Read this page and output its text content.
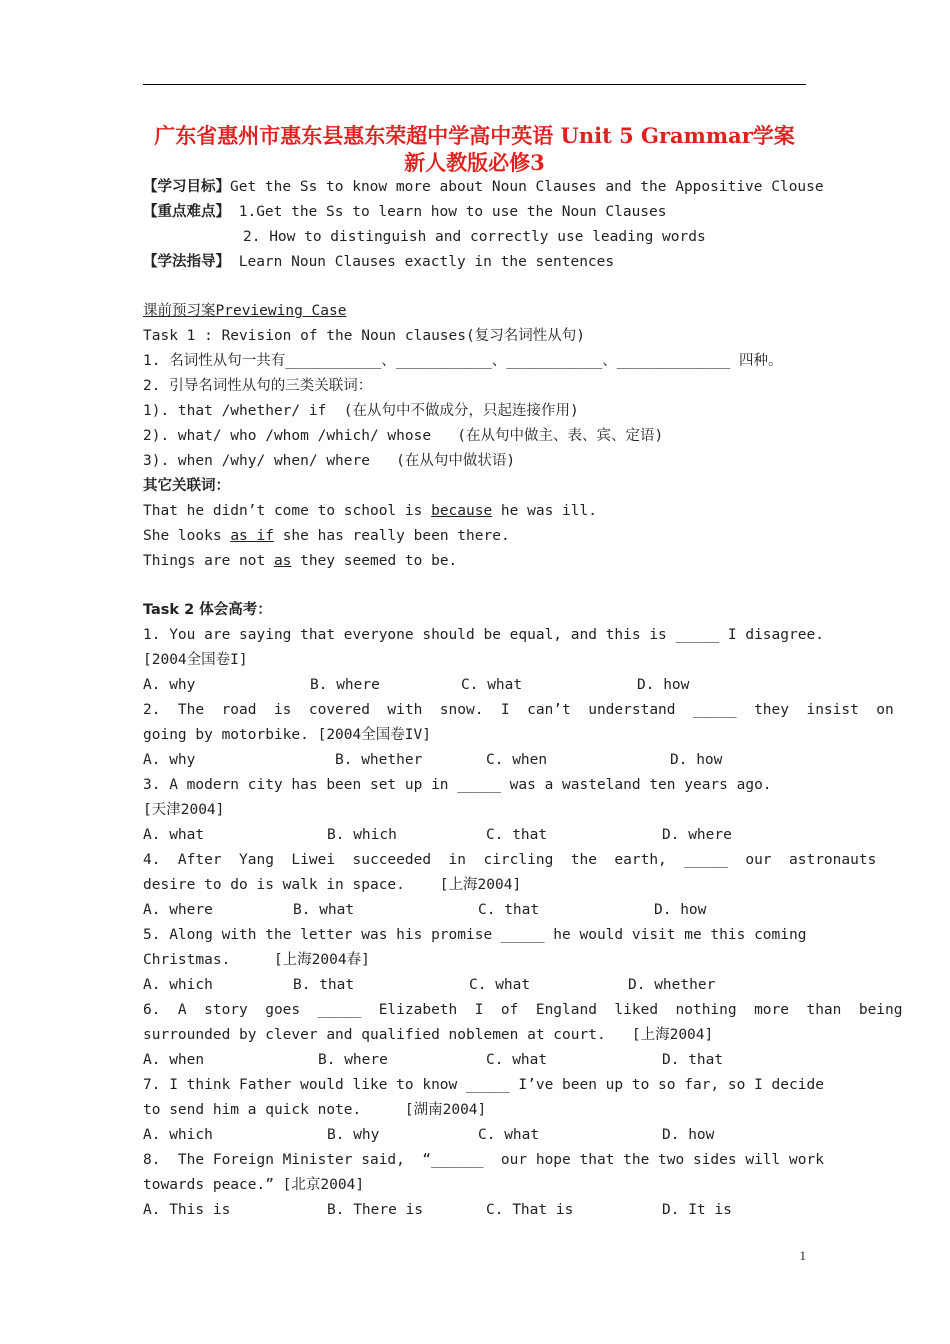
广东省惠州市惠东县惠东荣超中学高中英语 Unit 5 Grammar学案
新人教版必修3
【学习目标】Get the Ss to know more about Noun Clauses and the Appositive Clouse
【重点难点】 1.Get the Ss to learn how to use the Noun Clauses
2. How to distinguish and correctly use leading words
【学法指导】 Learn Noun Clauses exactly in the sentences
课前预习案Previewing Case
Task 1 : Revision of the Noun clauses(复习名词性从句)
1. 名词性从句一共有___________、___________、___________、_____________ 四种。
2. 引导名词性从句的三类关联词：
1). that /whether/ if  (在从句中不做成分，只起连接作用)
2). what/ who /whom /which/ whose   (在从句中做主、表、宾、定语)
3). when /why/ when/ where   (在从句中做状语)
其它关联词：
That he didn’t come to school is because he was ill.
She looks as if she has really been there.
Things are not as they seemed to be.
Task 2 体会高考：
1. You are saying that everyone should be equal, and this is _____ I disagree.
[2004全国卷I]
A. why	B. where	C. what	D. how
2.  The  road  is  covered  with  snow.  I  can’t  understand  _____  they  insist  on
going by motorbike. [2004全国卷IV]
A. why	B. whether	C. when	D. how
3. A modern city has been set up in _____ was a wasteland ten years ago.
[天津2004]
A. what	B. which	C. that	D. where
4.  After  Yang  Liwei  succeeded  in  circling  the  earth,  _____  our  astronauts
desire to do is walk in space.    [上海2004]
A. where	B. what	C. that	D. how
5. Along with the letter was his promise _____ he would visit me this coming
Christmas.     [上海2004春]
A. which	B. that	C. what	D. whether
6.  A  story  goes  _____  Elizabeth  I  of  England  liked  nothing  more  than  being
surrounded by clever and qualified noblemen at court.   [上海2004]
A. when	B. where	C. what	D. that
7. I think Father would like to know _____ I’ve been up to so far, so I decide
to send him a quick note.     [湖南2004]
A. which	B. why	C. what	D. how
8.  The Foreign Minister said,  “______  our hope that the two sides will work
towards peace.” [北京2004]
A. This is	B. There is	C. That is	D. It is
1
